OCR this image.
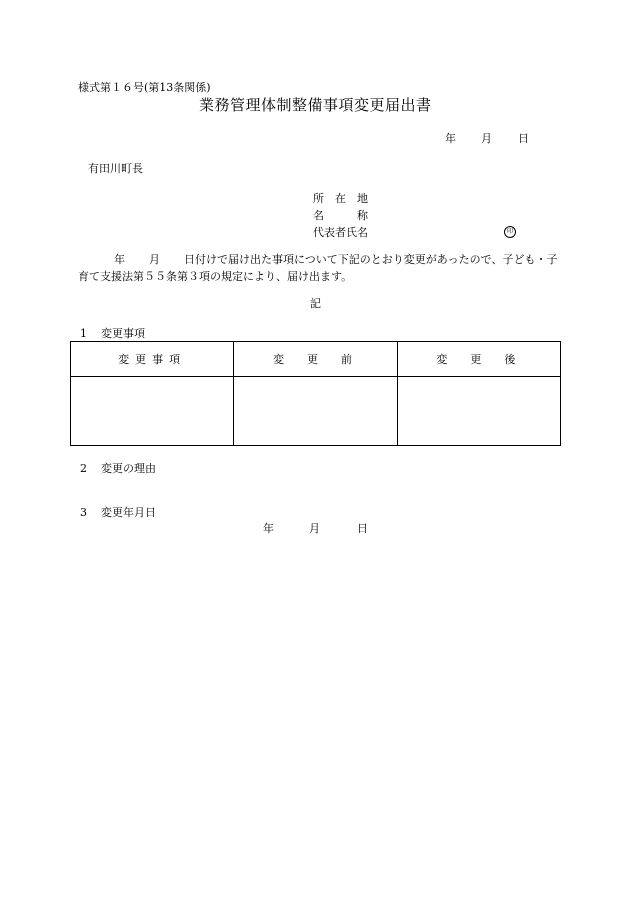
様式第１６号(第13条関係)
業務管理体制整備事項変更届出書
年 月 日
有田川町長
所　在　地
名　　　称
代表者氏名	印
年 月 日付けで届け出た事項について下記のとおり変更があったので、子ども・子育て支援法第５５条第３項の規定により、届け出ます。
記
1 変更事項
変更事項	変　更　前	変　更　後

2 変更の理由
3 変更年月日
年	月	日
